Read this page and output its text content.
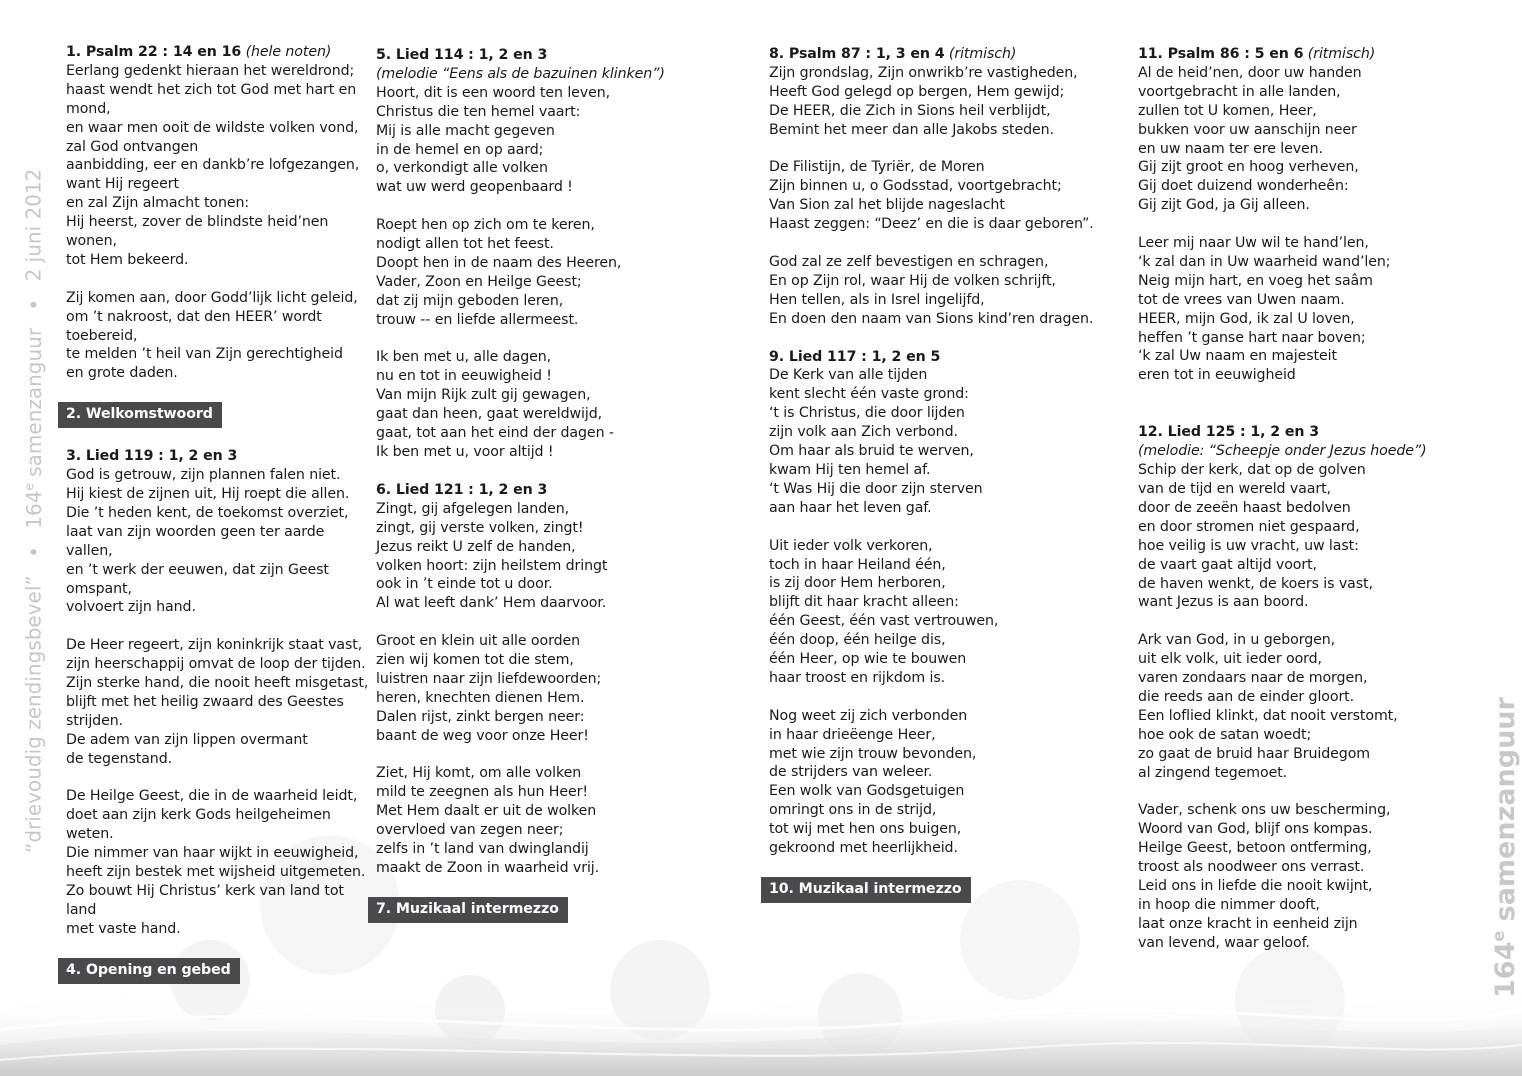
“drievoudig zendingsbevel” • 164e samenzanguur • 2 juni 2012
164e samenzanguur
1. Psalm 22 : 14 en 16 (hele noten)
Eerlang gedenkt hieraan het wereldrond;
haast wendt het zich tot God met hart en mond,
en waar men ooit de wildste volken vond, zal God ontvangen
aanbidding, eer en dankb’re lofgezangen, want Hij regeert
en zal Zijn almacht tonen:
Hij heerst, zover de blindste heid’nen wonen,
tot Hem bekeerd.
Zij komen aan, door Godd’lijk licht geleid, om ’t nakroost, dat den HEER’ wordt toebereid,
te melden ’t heil van Zijn gerechtigheid
en grote daden.
2. Welkomstwoord
3. Lied 119 : 1, 2 en 3
God is getrouw, zijn plannen falen niet.
Hij kiest de zijnen uit, Hij roept die allen.
Die ’t heden kent, de toekomst overziet, laat van zijn woorden geen ter aarde vallen,
en ’t werk der eeuwen, dat zijn Geest omspant,
volvoert zijn hand.
De Heer regeert, zijn koninkrijk staat vast, zijn heerschappij omvat de loop der tijden.
Zijn sterke hand, die nooit heeft misgetast,
blijft met het heilig zwaard des Geestes strijden.
De adem van zijn lippen overmant
de tegenstand.
De Heilge Geest, die in de waarheid leidt, doet aan zijn kerk Gods heilgeheimen weten.
Die nimmer van haar wijkt in eeuwigheid, heeft zijn bestek met wijsheid uitgemeten.
Zo bouwt Hij Christus’ kerk van land tot land
met vaste hand.
4. Opening en gebed
5. Lied 114 : 1, 2 en 3
(melodie “Eens als de bazuinen klinken”)
Hoort, dit is een woord ten leven,
Christus die ten hemel vaart:
Mij is alle macht gegeven
in de hemel en op aard;
o, verkondigt alle volken
wat uw werd geopenbaard !
Roept hen op zich om te keren,
nodigt allen tot het feest.
Doopt hen in de naam des Heeren,
Vader, Zoon en Heilge Geest;
dat zij mijn geboden leren,
trouw -- en liefde allermeest.
Ik ben met u, alle dagen,
nu en tot in eeuwigheid !
Van mijn Rijk zult gij gewagen,
gaat dan heen, gaat wereldwijd,
gaat, tot aan het eind der dagen -
Ik ben met u, voor altijd !
6. Lied 121 : 1, 2 en 3
Zingt, gij afgelegen landen,
zingt, gij verste volken, zingt!
Jezus reikt U zelf de handen,
volken hoort: zijn heilstem dringt
ook in ’t einde tot u door.
Al wat leeft dank’ Hem daarvoor.
Groot en klein uit alle oorden
zien wij komen tot die stem,
luistren naar zijn liefdewoorden;
heren, knechten dienen Hem.
Dalen rijst, zinkt bergen neer:
baant de weg voor onze Heer!
Ziet, Hij komt, om alle volken
mild te zeegnen als hun Heer!
Met Hem daalt er uit de wolken
overvloed van zegen neer;
zelfs in ’t land van dwinglandij
maakt de Zoon in waarheid vrij.
7. Muzikaal intermezzo
8. Psalm 87 : 1, 3 en 4 (ritmisch)
Zijn grondslag, Zijn onwrikb’re vastigheden,
Heeft God gelegd op bergen, Hem gewijd;
De HEER, die Zich in Sions heil verblijdt,
Bemint het meer dan alle Jakobs steden.
De Filistijn, de Tyriër, de Moren
Zijn binnen u, o Godsstad, voortgebracht;
Van Sion zal het blijde nageslacht
Haast zeggen: “Deez’ en die is daar geboren”.
God zal ze zelf bevestigen en schragen,
En op Zijn rol, waar Hij de volken schrijft,
Hen tellen, als in Isrel ingelijfd,
En doen den naam van Sions kind’ren dragen.
9. Lied 117 : 1, 2 en 5
De Kerk van alle tijden
kent slecht één vaste grond:
‘t is Christus, die door lijden
zijn volk aan Zich verbond.
Om haar als bruid te werven,
kwam Hij ten hemel af.
‘t Was Hij die door zijn sterven
aan haar het leven gaf.
Uit ieder volk verkoren,
toch in haar Heiland één,
is zij door Hem herboren,
blijft dit haar kracht alleen:
één Geest, één vast vertrouwen,
één doop, één heilge dis,
één Heer, op wie te bouwen
haar troost en rijkdom is.
Nog weet zij zich verbonden
in haar drieëenge Heer,
met wie zijn trouw bevonden,
de strijders van weleer.
Een wolk van Godsgetuigen
omringt ons in de strijd,
tot wij met hen ons buigen,
gekroond met heerlijkheid.
10. Muzikaal intermezzo
11. Psalm 86 : 5 en 6 (ritmisch)
Al de heid’nen, door uw handen
voortgebracht in alle landen,
zullen tot U komen, Heer,
bukken voor uw aanschijn neer
en uw naam ter ere leven.
Gij zijt groot en hoog verheven,
Gij doet duizend wonderheên:
Gij zijt God, ja Gij alleen.
Leer mij naar Uw wil te hand’len,
‘k zal dan in Uw waarheid wand’len;
Neig mijn hart, en voeg het saâm
tot de vrees van Uwen naam.
HEER, mijn God, ik zal U loven,
heffen ’t ganse hart naar boven;
‘k zal Uw naam en majesteit
eren tot in eeuwigheid
12. Lied 125 : 1, 2 en 3
(melodie: “Scheepje onder Jezus hoede”)
Schip der kerk, dat op de golven
van de tijd en wereld vaart,
door de zeeën haast bedolven
en door stromen niet gespaard,
hoe veilig is uw vracht, uw last:
de vaart gaat altijd voort,
de haven wenkt, de koers is vast,
want Jezus is aan boord.
Ark van God, in u geborgen,
uit elk volk, uit ieder oord,
varen zondaars naar de morgen,
die reeds aan de einder gloort.
Een loflied klinkt, dat nooit verstomt,
hoe ook de satan woedt;
zo gaat de bruid haar Bruidegom
al zingend tegemoet.
Vader, schenk ons uw bescherming,
Woord van God, blijf ons kompas.
Heilge Geest, betoon ontferming,
troost als noodweer ons verrast.
Leid ons in liefde die nooit kwijnt,
in hoop die nimmer dooft,
laat onze kracht in eenheid zijn
van levend, waar geloof.
